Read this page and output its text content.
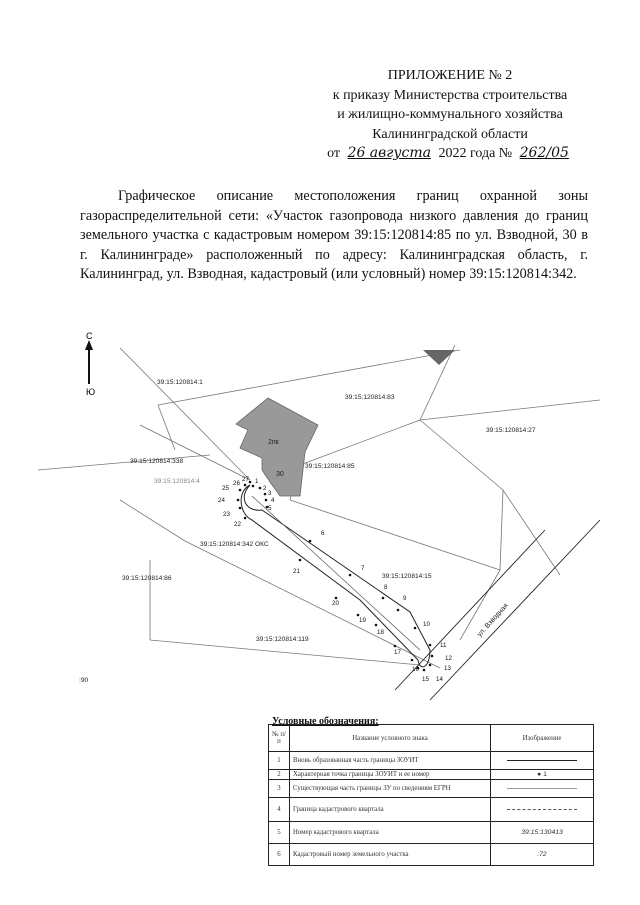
ПРИЛОЖЕНИЕ № 2
к приказу Министерства строительства
и жилищно-коммунального хозяйства
Калининградской области
от 26 августа 2022 года № 262/05

Графическое описание местоположения границ охранной зоны газораспределительной сети: «Участок газопровода низкого давления до границ земельного участка с кадастровым номером 39:15:120814:85 по ул. Взводной, 30 в г. Калининграде» расположенный по адресу: Калининградская область, г. Калининград, ул. Взводная, кадастровый (или условный) номер 39:15:120814:342.

С
Ю
2пк
30
1
2
3
4
5
6
7
8
9
10
11
12
13
14
15
16
17
18
19
20
21
22
23
24
25
26
27
39:15:120814:1
39:15:120814:83
39:15:120814:27
39:15:120814:338
39:15:120814:4
39:15:120814:85
39:15:120814:342 ОКС
39:15:120814:15
39:15:120814:86
39:15:120814:119
:90
ул. Взводная
Условные обозначения:
№ п/ п	Название условного знака	Изображение
1	Вновь образованная часть границы ЗОУИТ	
2	Характерная точка границы ЗОУИТ и ее номер	● 1
3	Существующая часть границы ЗУ по сведениям ЕГРН	
4	Граница кадастрового квартала	
5	Номер кадастрового квартала	39:15:130413
6	Кадастровый номер земельного участка	:72
